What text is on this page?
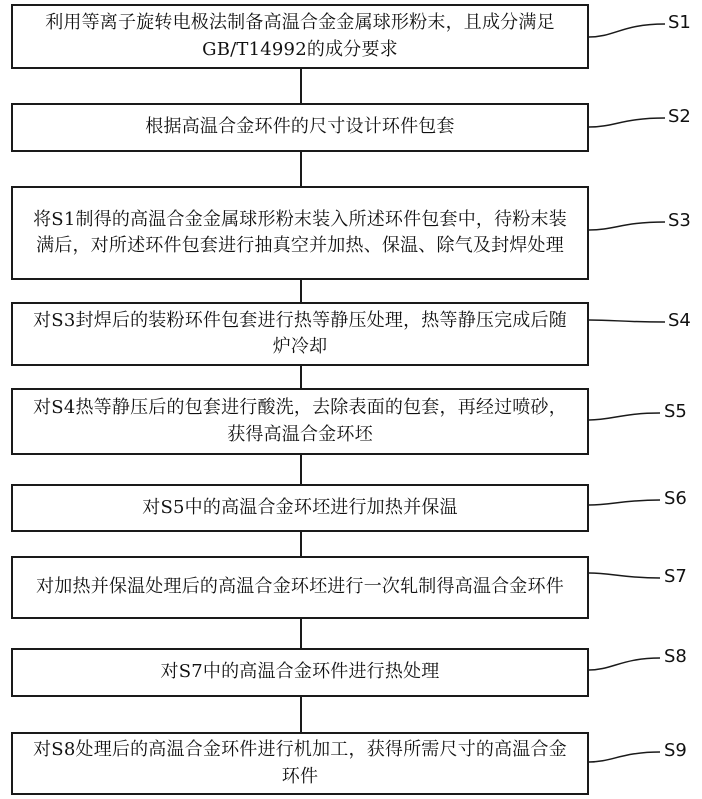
利用等离子旋转电极法制备高温合金金属球形粉末，且成分满足GB/T14992的成分要求
根据高温合金环件的尺寸设计环件包套
将S1制得的高温合金金属球形粉末装入所述环件包套中，待粉末装满后，对所述环件包套进行抽真空并加热、保温、除气及封焊处理
对S3封焊后的装粉环件包套进行热等静压处理，热等静压完成后随炉冷却
对S4热等静压后的包套进行酸洗，去除表面的包套，再经过喷砂，获得高温合金环坯
对S5中的高温合金环坯进行加热并保温
对加热并保温处理后的高温合金环坯进行一次轧制得高温合金环件
对S7中的高温合金环件进行热处理
对S8处理后的高温合金环件进行机加工，获得所需尺寸的高温合金环件
S1
S2
S3
S4
S5
S6
S7
S8
S9
